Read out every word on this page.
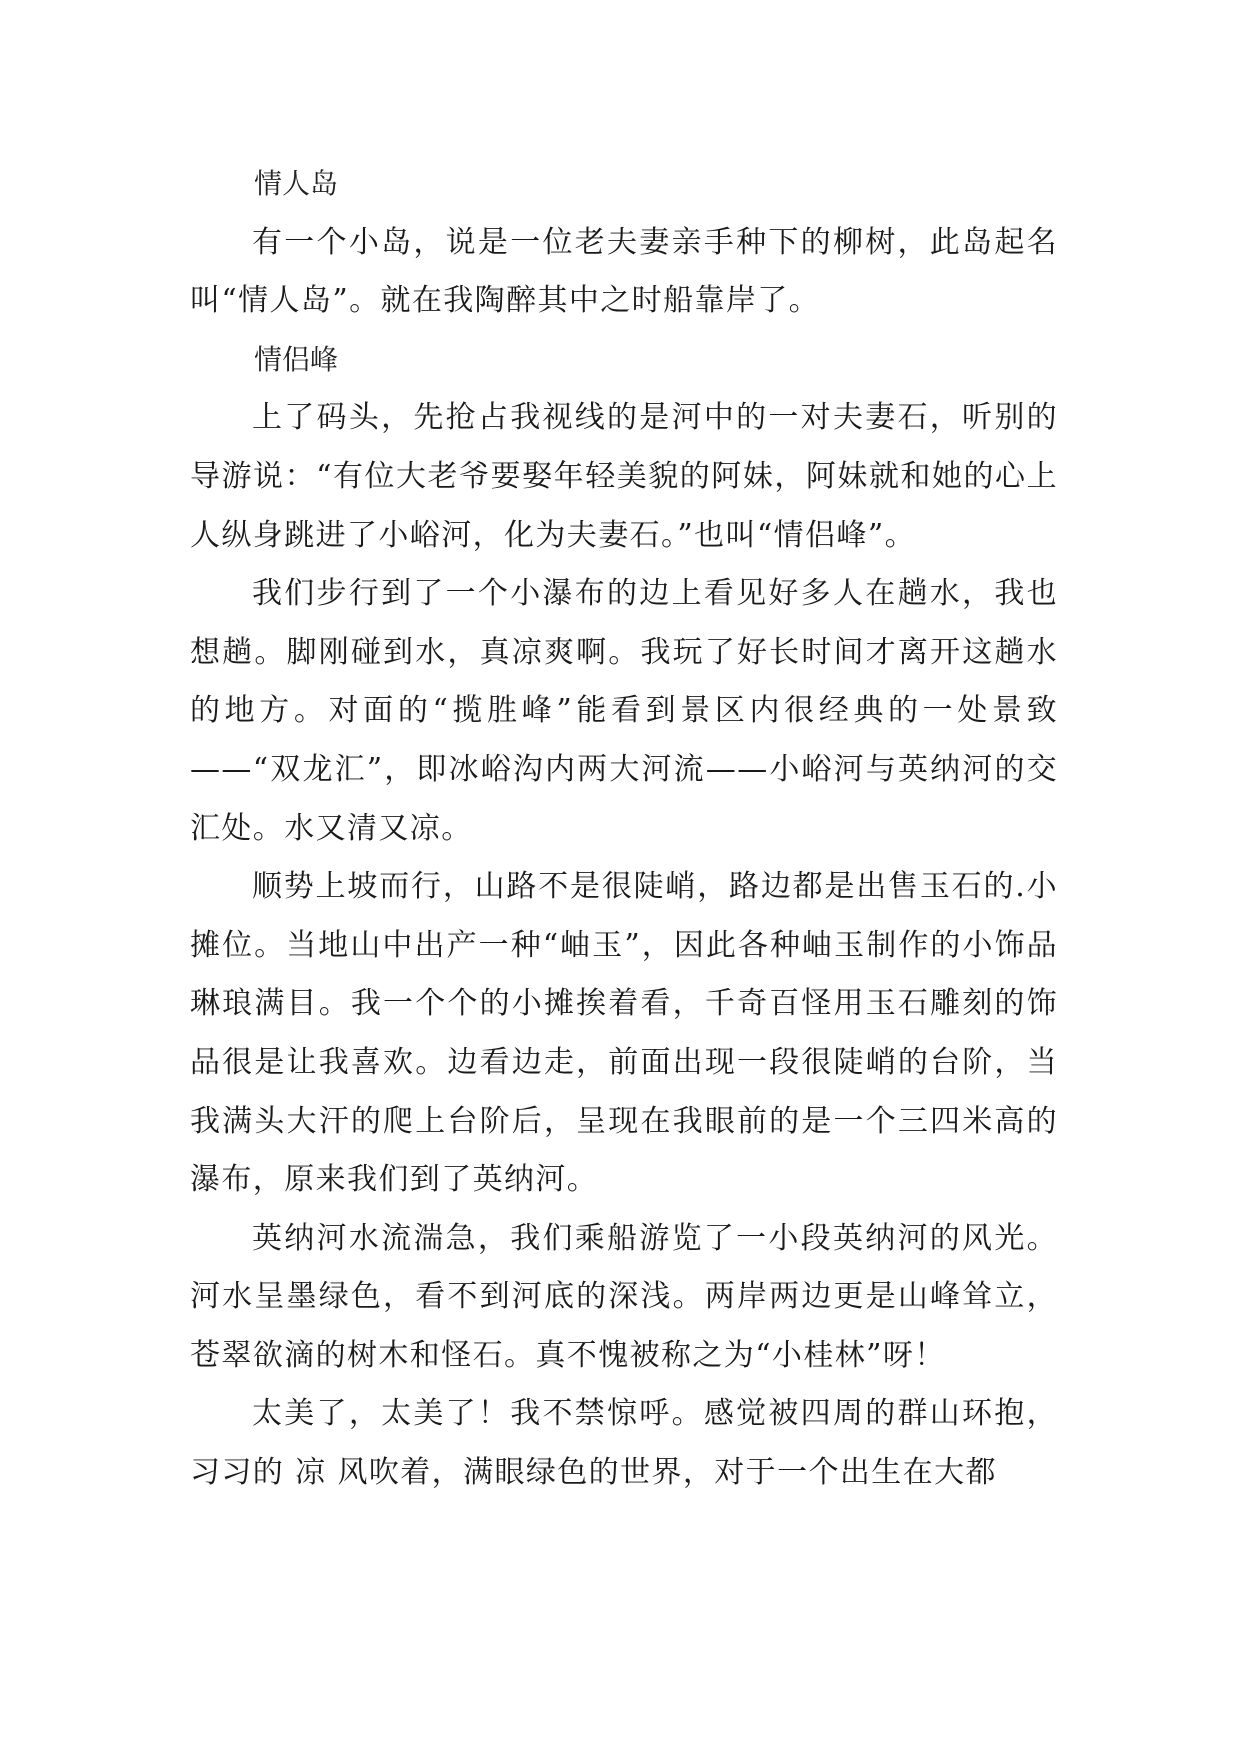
情人岛

有一个小岛，说是一位老夫妻亲手种下的柳树，此岛起名叫“情人岛”。就在我陶醉其中之时船靠岸了。

情侣峰

上了码头，先抢占我视线的是河中的一对夫妻石，听别的导游说：“有位大老爷要娶年轻美貌的阿妹，阿妹就和她的心上人纵身跳进了小峪河，化为夫妻石。”也叫“情侣峰”。

我们步行到了一个小瀑布的边上看见好多人在趟水，我也想趟。脚刚碰到水，真凉爽啊。我玩了好长时间才离开这趟水的地方。对面的“揽胜峰”能看到景区内很经典的一处景致——“双龙汇”，即冰峪沟内两大河流——小峪河与英纳河的交汇处。水又清又凉。

顺势上坡而行，山路不是很陡峭，路边都是出售玉石的.小摊位。当地山中出产一种“岫玉”，因此各种岫玉制作的小饰品琳琅满目。我一个个的小摊挨着看，千奇百怪用玉石雕刻的饰品很是让我喜欢。边看边走，前面出现一段很陡峭的台阶，当我满头大汗的爬上台阶后，呈现在我眼前的是一个三四米高的瀑布，原来我们到了英纳河。

英纳河水流湍急，我们乘船游览了一小段英纳河的风光。河水呈墨绿色，看不到河底的深浅。两岸两边更是山峰耸立，苍翠欲滴的树木和怪石。真不愧被称之为“小桂林”呀！

太美了，太美了！我不禁惊呼。感觉被四周的群山环抱，习习的 凉 风吹着，满眼绿色的世界，对于一个出生在大都
